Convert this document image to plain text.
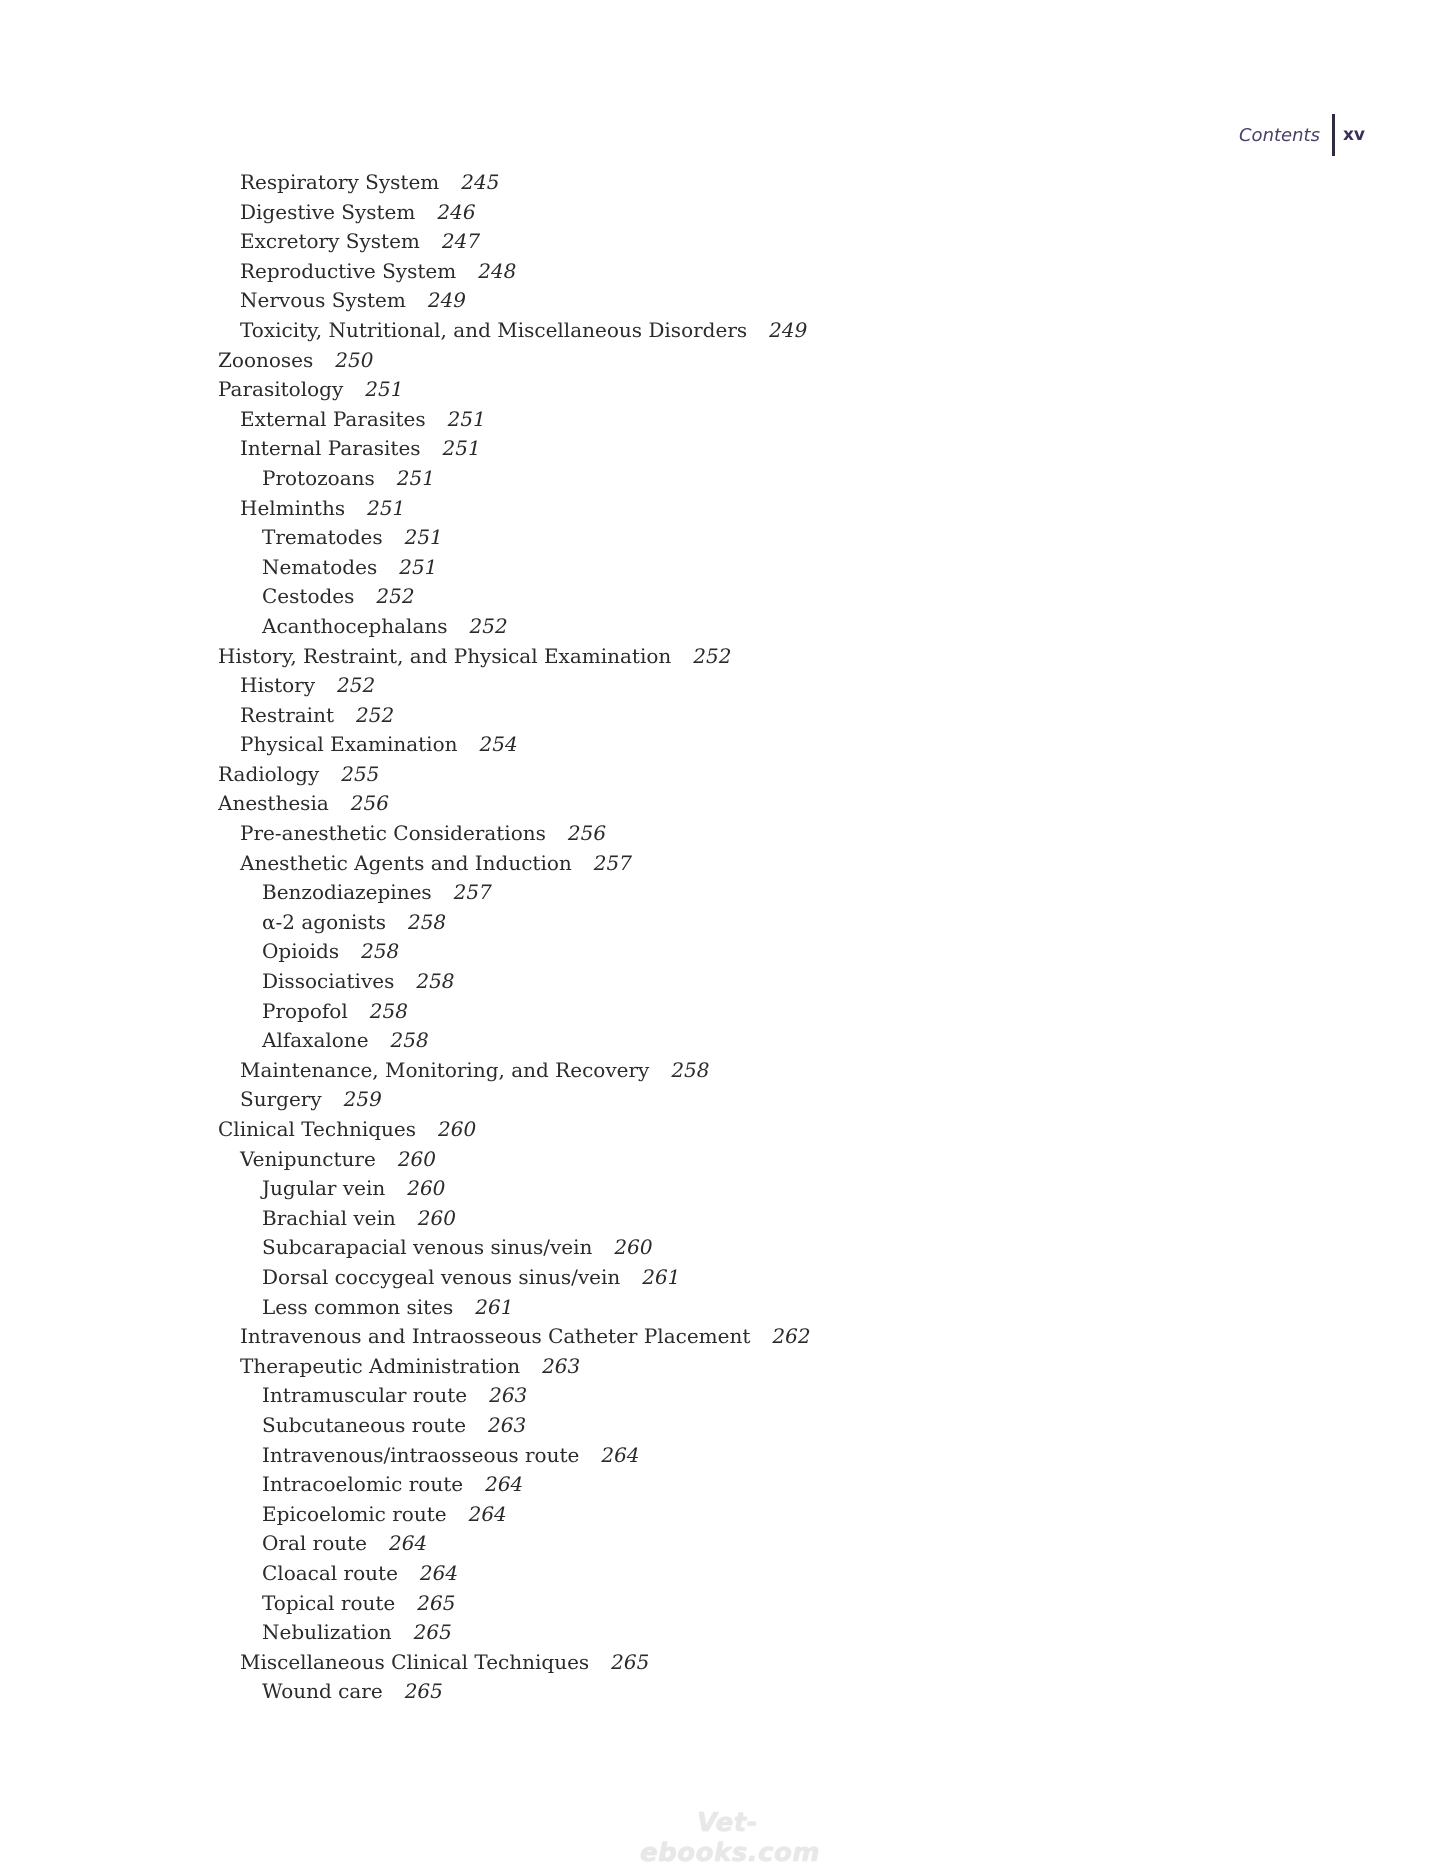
Contents	xv
Respiratory System 245
Digestive System 246
Excretory System 247
Reproductive System 248
Nervous System 249
Toxicity, Nutritional, and Miscellaneous Disorders 249
Zoonoses 250
Parasitology 251
External Parasites 251
Internal Parasites 251
Protozoans 251
Helminths 251
Trematodes 251
Nematodes 251
Cestodes 252
Acanthocephalans 252
History, Restraint, and Physical Examination 252
History 252
Restraint 252
Physical Examination 254
Radiology 255
Anesthesia 256
Pre-anesthetic Considerations 256
Anesthetic Agents and Induction 257
Benzodiazepines 257
α-2 agonists 258
Opioids 258
Dissociatives 258
Propofol 258
Alfaxalone 258
Maintenance, Monitoring, and Recovery 258
Surgery 259
Clinical Techniques 260
Venipuncture 260
Jugular vein 260
Brachial vein 260
Subcarapacial venous sinus/vein 260
Dorsal coccygeal venous sinus/vein 261
Less common sites 261
Intravenous and Intraosseous Catheter Placement 262
Therapeutic Administration 263
Intramuscular route 263
Subcutaneous route 263
Intravenous/intraosseous route 264
Intracoelomic route 264
Epicoelomic route 264
Oral route 264
Cloacal route 264
Topical route 265
Nebulization 265
Miscellaneous Clinical Techniques 265
Wound care 265
Vet-ebooks.com
